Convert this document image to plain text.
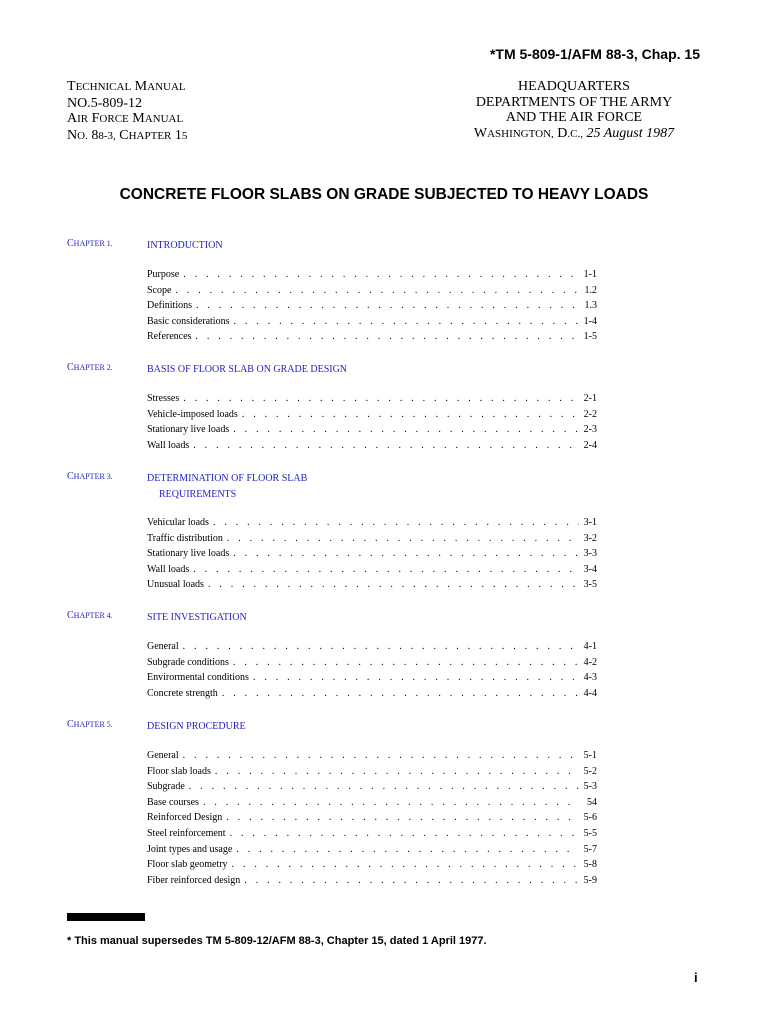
*TM 5-809-1/AFM 88-3, Chap. 15
TECHNICAL MANUAL
NO.5-809-12
AIR FORCE MANUAL
NO. 88-3, CHAPTER 15
HEADQUARTERS
DEPARTMENTS OF THE ARMY
AND THE AIR FORCE
WASHINGTON, D.C., 25 August 1987
CONCRETE FLOOR SLABS ON GRADE SUBJECTED TO HEAVY LOADS
CHAPTER 1.	INTRODUCTION
Purpose . . .	1-1
Scope . . .	1.2
Definitions . . .	1.3
Basic considerations . . .	1-4
References . . .	1-5
CHAPTER 2.	BASIS OF FLOOR SLAB ON GRADE DESIGN
Stresses . . .	2-1
Vehicle-imposed loads . . .	2-2
Stationary live loads . . .	2-3
Wall loads . . .	2-4
CHAPTER 3.	DETERMINATION OF FLOOR SLAB
REQUIREMENTS
Vehicular loads . . .	3-1
Traffic distribution . . .	3-2
Stationary live loads . . .	3-3
Wall loads . . .	3-4
Unusual loads . . .	3-5
CHAPTER 4.	SITE INVESTIGATION
General . . .	4-1
Subgrade conditions . . .	4-2
Envirormental conditions . . .	4-3
Concrete strength . . .	4-4
CHAPTER 5.	DESIGN PROCEDURE
General . . .	5-1
Floor slab loads . . .	5-2
Subgrade . . .	5-3
Base courses . . .	54
Reinforced Design . . .	5-6
Steel reinforcement . . .	5-5
Joint types and usage . . .	5-7
Floor slab geometry . . .	5-8
Fiber reinforced design . . .	5-9
* This manual supersedes TM 5-809-12/AFM 88-3, Chapter 15, dated 1 April 1977.
i
